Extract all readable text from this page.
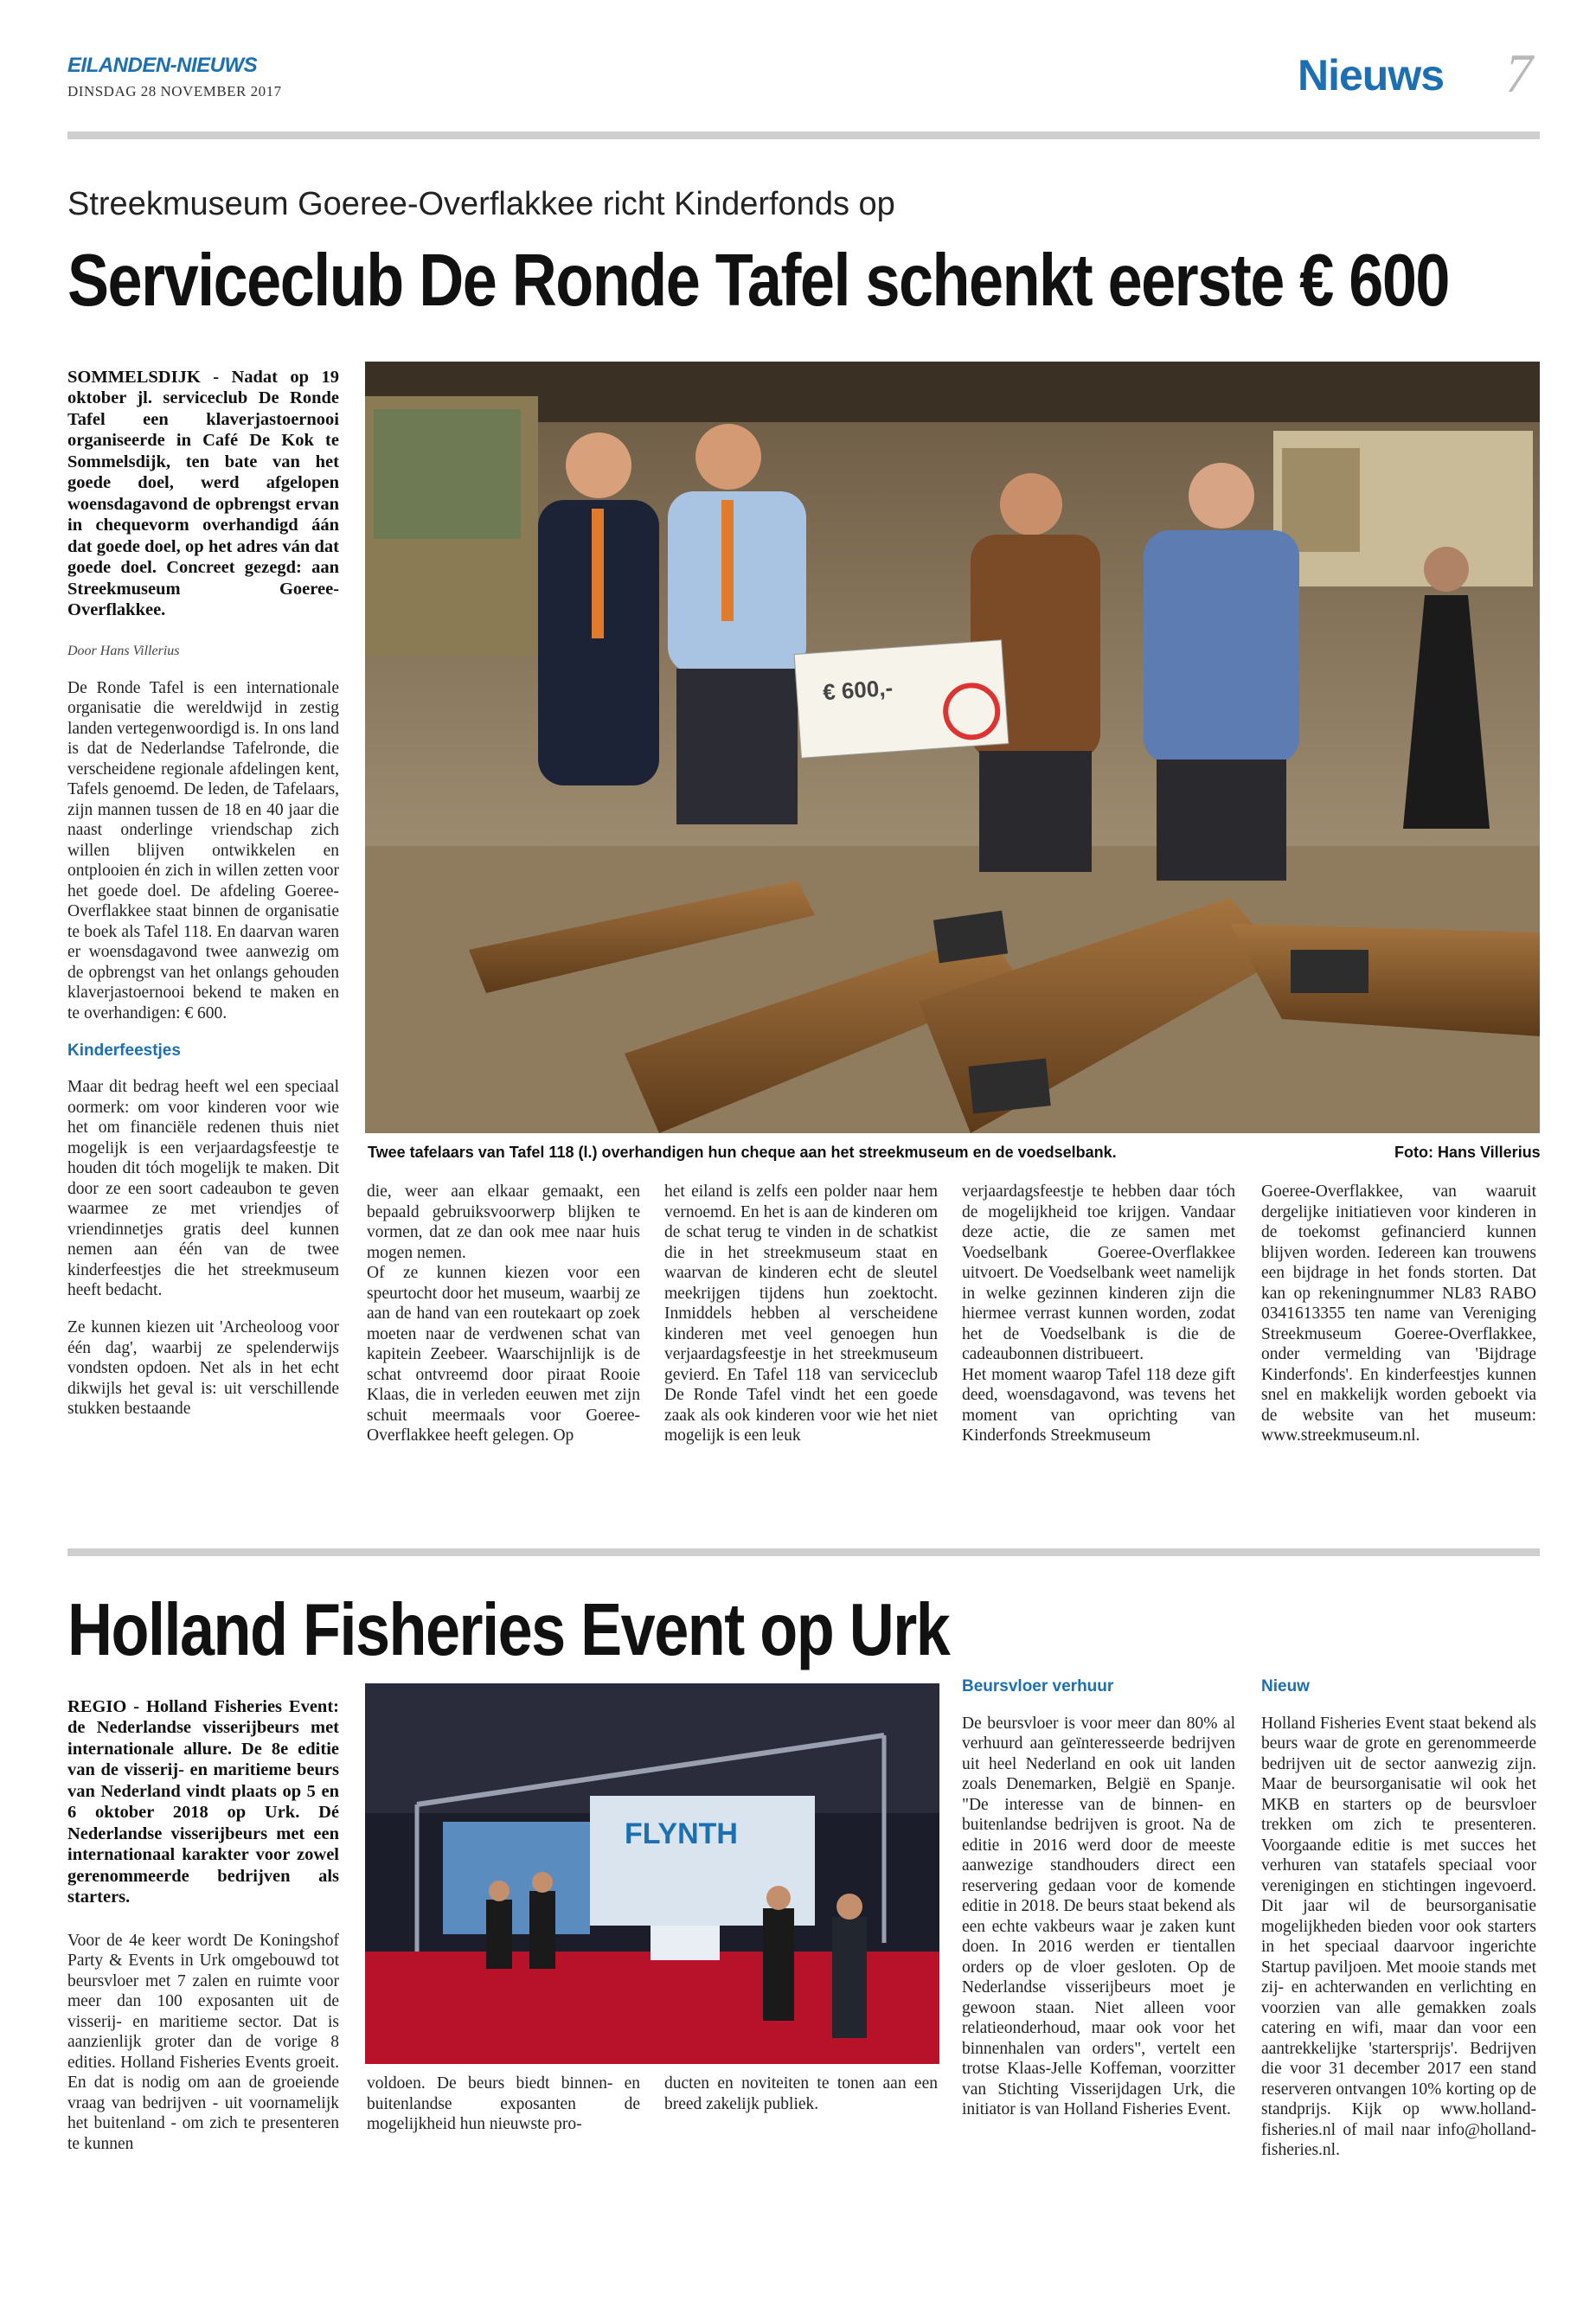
EILANDEN-NIEUWS
DINSDAG 28 NOVEMBER 2017	Nieuws 7
Streekmuseum Goeree-Overflakkee richt Kinderfonds op
Serviceclub De Ronde Tafel schenkt eerste € 600

SOMMELSDIJK - Nadat op 19 oktober jl. serviceclub De Ronde Tafel een klaverjastoernooi organiseerde in Café De Kok te Sommelsdijk, ten bate van het goede doel, werd afgelopen woensdagavond de opbrengst ervan in chequevorm overhandigd áán dat goede doel, op het adres ván dat goede doel. Concreet gezegd: aan Streekmuseum Goeree-Overflakkee.

Door Hans Villerius

De Ronde Tafel is een internationale organisatie die wereldwijd in zestig landen vertegenwoordigd is. In ons land is dat de Nederlandse Tafelronde, die verscheidene regionale afdelingen kent, Tafels genoemd. De leden, de Tafelaars, zijn mannen tussen de 18 en 40 jaar die naast onderlinge vriendschap zich willen blijven ontwikkelen en ontplooien én zich in willen zetten voor het goede doel. De afdeling Goeree-Overflakkee staat binnen de organisatie te boek als Tafel 118. En daarvan waren er woensdagavond twee aanwezig om de opbrengst van het onlangs gehouden klaverjastoernooi bekend te maken en te overhandigen: € 600.

Kinderfeestjes

Maar dit bedrag heeft wel een speciaal oormerk: om voor kinderen voor wie het om financiële redenen thuis niet mogelijk is een verjaardagsfeestje te houden dit tóch mogelijk te maken. Dit door ze een soort cadeaubon te geven waarmee ze met vriendjes of vriendinnetjes gratis deel kunnen nemen aan één van de twee kinderfeestjes die het streekmuseum heeft bedacht.

Ze kunnen kiezen uit 'Archeoloog voor één dag', waarbij ze spelenderwijs vondsten opdoen. Net als in het echt dikwijls het geval is: uit verschillende stukken bestaande

€ 600,-
Twee tafelaars van Tafel 118 (l.) overhandigen hun cheque aan het streekmuseum en de voedselbank.	Foto: Hans Villerius

die, weer aan elkaar gemaakt, een bepaald gebruiksvoorwerp blijken te vormen, dat ze dan ook mee naar huis mogen nemen.

Of ze kunnen kiezen voor een speurtocht door het museum, waarbij ze aan de hand van een routekaart op zoek moeten naar de verdwenen schat van kapitein Zeebeer. Waarschijnlijk is de schat ontvreemd door piraat Rooie Klaas, die in verleden eeuwen met zijn schuit meermaals voor Goeree-Overflakkee heeft gelegen. Op

het eiland is zelfs een polder naar hem vernoemd. En het is aan de kinderen om de schat terug te vinden in de schatkist die in het streekmuseum staat en waarvan de kinderen echt de sleutel meekrijgen tijdens hun zoektocht. Inmiddels hebben al verscheidene kinderen met veel genoegen hun verjaardagsfeestje in het streekmuseum gevierd. En Tafel 118 van serviceclub De Ronde Tafel vindt het een goede zaak als ook kinderen voor wie het niet mogelijk is een leuk

verjaardagsfeestje te hebben daar tóch de mogelijkheid toe krijgen. Vandaar deze actie, die ze samen met Voedselbank Goeree-Overflakkee uitvoert. De Voedselbank weet namelijk in welke gezinnen kinderen zijn die hiermee verrast kunnen worden, zodat het de Voedselbank is die de cadeaubonnen distribueert.

Het moment waarop Tafel 118 deze gift deed, woensdagavond, was tevens het moment van oprichting van Kinderfonds Streekmuseum

Goeree-Overflakkee, van waaruit dergelijke initiatieven voor kinderen in de toekomst gefinancierd kunnen blijven worden. Iedereen kan trouwens een bijdrage in het fonds storten. Dat kan op rekeningnummer NL83 RABO 0341613355 ten name van Vereniging Streekmuseum Goeree-Overflakkee, onder vermelding van 'Bijdrage Kinderfonds'. En kinderfeestjes kunnen snel en makkelijk worden geboekt via de website van het museum: www.streekmuseum.nl.

Holland Fisheries Event op Urk

REGIO - Holland Fisheries Event: de Nederlandse visserijbeurs met internationale allure. De 8e editie van de visserij- en maritieme beurs van Nederland vindt plaats op 5 en 6 oktober 2018 op Urk. Dé Nederlandse visserijbeurs met een internationaal karakter voor zowel gerenommeerde bedrijven als starters.

Voor de 4e keer wordt De Koningshof Party & Events in Urk omgebouwd tot beursvloer met 7 zalen en ruimte voor meer dan 100 exposanten uit de visserij- en maritieme sector. Dat is aanzienlijk groter dan de vorige 8 edities. Holland Fisheries Events groeit. En dat is nodig om aan de groeiende vraag van bedrijven - uit voornamelijk het buitenland - om zich te presenteren te kunnen

FLYNTH

voldoen. De beurs biedt binnen- en buitenlandse exposanten de mogelijkheid hun nieuwste pro-

ducten en noviteiten te tonen aan een breed zakelijk publiek.

Beursvloer verhuur

De beursvloer is voor meer dan 80% al verhuurd aan geïnteresseerde bedrijven uit heel Nederland en ook uit landen zoals Denemarken, België en Spanje. "De interesse van de binnen- en buitenlandse bedrijven is groot. Na de editie in 2016 werd door de meeste aanwezige standhouders direct een reservering gedaan voor de komende editie in 2018. De beurs staat bekend als een echte vakbeurs waar je zaken kunt doen. In 2016 werden er tientallen orders op de vloer gesloten. Op de Nederlandse visserijbeurs moet je gewoon staan. Niet alleen voor relatieonderhoud, maar ook voor het binnenhalen van orders", vertelt een trotse Klaas-Jelle Koffeman, voorzitter van Stichting Visserijdagen Urk, die initiator is van Holland Fisheries Event.

Nieuw

Holland Fisheries Event staat bekend als beurs waar de grote en gerenommeerde bedrijven uit de sector aanwezig zijn. Maar de beursorganisatie wil ook het MKB en starters op de beursvloer trekken om zich te presenteren. Voorgaande editie is met succes het verhuren van statafels speciaal voor verenigingen en stichtingen ingevoerd. Dit jaar wil de beursorganisatie mogelijkheden bieden voor ook starters in het speciaal daarvoor ingerichte Startup paviljoen. Met mooie stands met zij- en achterwanden en verlichting en voorzien van alle gemakken zoals catering en wifi, maar dan voor een aantrekkelijke 'startersprijs'. Bedrijven die voor 31 december 2017 een stand reserveren ontvangen 10% korting op de standprijs. Kijk op www.holland-fisheries.nl of mail naar info@holland-fisheries.nl.
